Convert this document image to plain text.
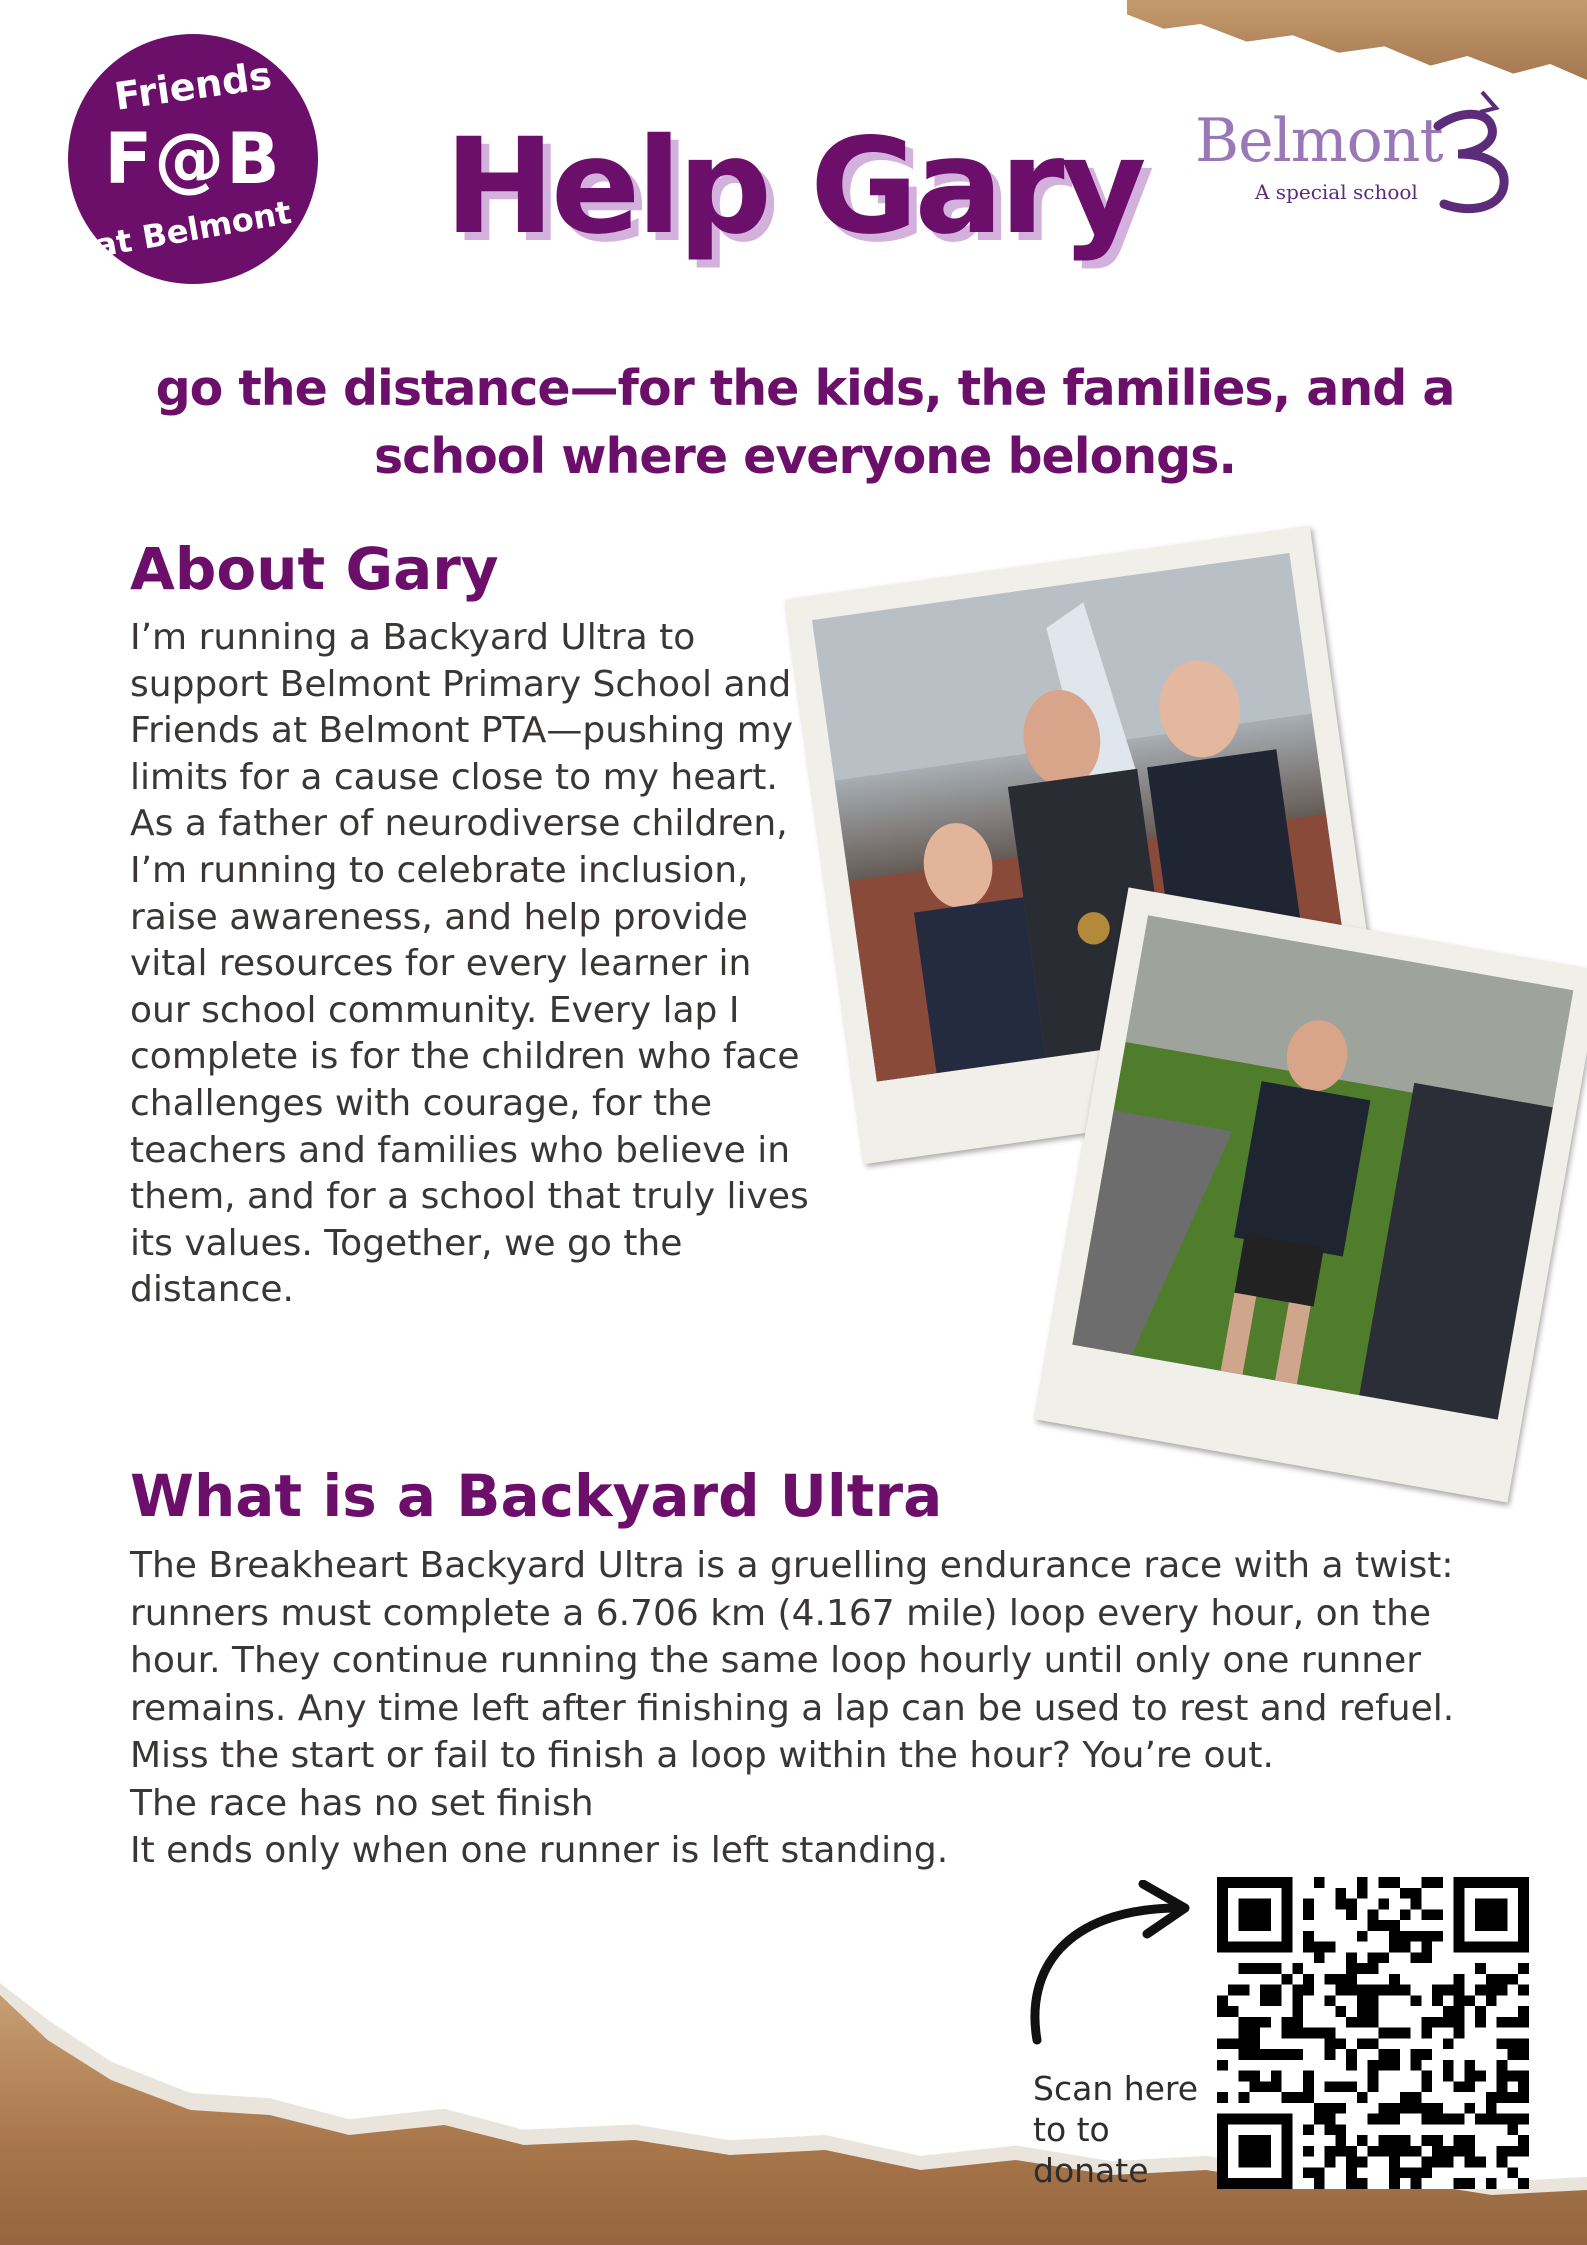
Friends
F@B
at Belmont	Help Gary Belmont
A special school
go the distance—for the kids, the families, and a school where everyone belongs.
About Gary
I’m running a Backyard Ultra to support Belmont Primary School and Friends at Belmont PTA—pushing my limits for a cause close to my heart. As a father of neurodiverse children, I’m running to celebrate inclusion, raise awareness, and help provide vital resources for every learner in our school community. Every lap I complete is for the children who face challenges with courage, for the teachers and families who believe in them, and for a school that truly lives its values. Together, we go the distance.
What is a Backyard Ultra

The Breakheart Backyard Ultra is a gruelling endurance race with a twist: runners must complete a 6.706 km (4.167 mile) loop every hour, on the hour. They continue running the same loop hourly until only one runner remains. Any time left after finishing a lap can be used to rest and refuel.

Miss the start or fail to finish a loop within the hour? You’re out.

The race has no set finish

It ends only when one runner is left standing.

Scan here to to donate
